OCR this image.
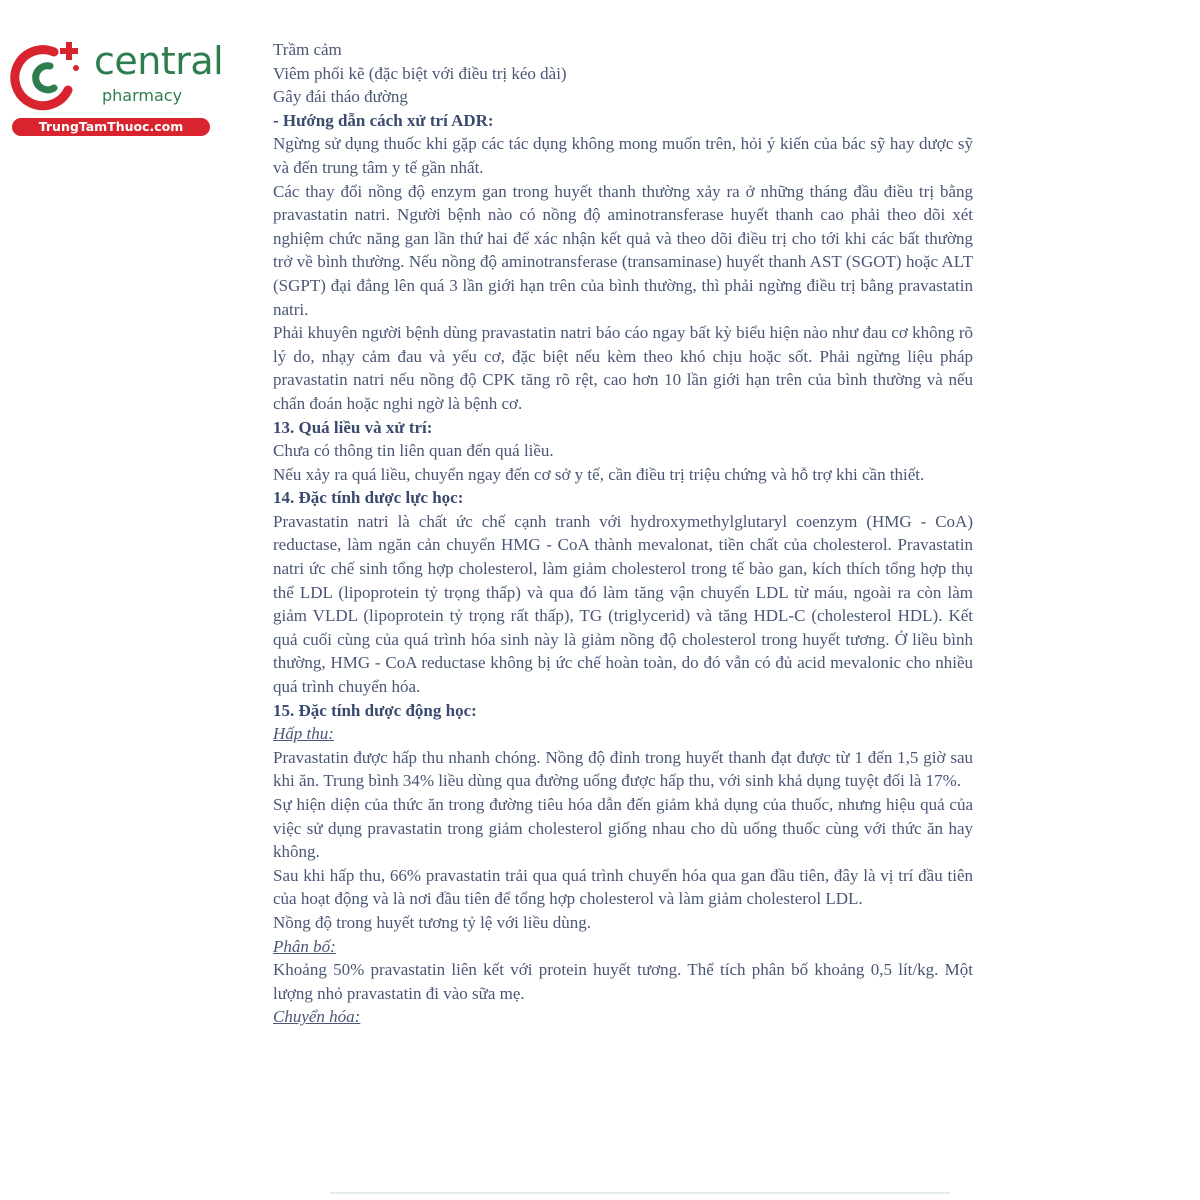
central
pharmacy
TrungTamThuoc.com

Trầm cảm

Viêm phổi kẽ (đặc biệt với điều trị kéo dài)

Gây đái tháo đường

- Hướng dẫn cách xử trí ADR:

Ngừng sử dụng thuốc khi gặp các tác dụng không mong muốn trên, hỏi ý kiến của bác sỹ hay dược sỹ và đến trung tâm y tế gần nhất.

Các thay đổi nồng độ enzym gan trong huyết thanh thường xảy ra ở những tháng đầu điều trị bằng pravastatin natri. Người bệnh nào có nồng độ aminotransferase huyết thanh cao phải theo dõi xét nghiệm chức năng gan lần thứ hai để xác nhận kết quả và theo dõi điều trị cho tới khi các bất thường trở về bình thường. Nếu nồng độ aminotransferase (transaminase) huyết thanh AST (SGOT) hoặc ALT (SGPT) đại đẳng lên quá 3 lần giới hạn trên của bình thường, thì phải ngừng điều trị bằng pravastatin natri.

Phải khuyên người bệnh dùng pravastatin natri báo cáo ngay bất kỳ biểu hiện nào như đau cơ không rõ lý do, nhạy cảm đau và yếu cơ, đặc biệt nếu kèm theo khó chịu hoặc sốt. Phải ngừng liệu pháp pravastatin natri nếu nồng độ CPK tăng rõ rệt, cao hơn 10 lần giới hạn trên của bình thường và nếu chẩn đoán hoặc nghi ngờ là bệnh cơ.

13. Quá liều và xử trí:

Chưa có thông tin liên quan đến quá liều.

Nếu xảy ra quá liều, chuyển ngay đến cơ sở y tế, cần điều trị triệu chứng và hỗ trợ khi cần thiết.

14. Đặc tính dược lực học:

Pravastatin natri là chất ức chế cạnh tranh với hydroxymethylglutaryl coenzym (HMG - CoA) reductase, làm ngăn cản chuyển HMG - CoA thành mevalonat, tiền chất của cholesterol. Pravastatin natri ức chế sinh tổng hợp cholesterol, làm giảm cholesterol trong tế bào gan, kích thích tổng hợp thụ thể LDL (lipoprotein tỷ trọng thấp) và qua đó làm tăng vận chuyển LDL từ máu, ngoài ra còn làm giảm VLDL (lipoprotein tỷ trọng rất thấp), TG (triglycerid) và tăng HDL-C (cholesterol HDL). Kết quả cuối cùng của quá trình hóa sinh này là giảm nồng độ cholesterol trong huyết tương. Ở liều bình thường, HMG - CoA reductase không bị ức chế hoàn toàn, do đó vẫn có đủ acid mevalonic cho nhiều quá trình chuyển hóa.

15. Đặc tính dược động học:

Hấp thu:

Pravastatin được hấp thu nhanh chóng. Nồng độ đỉnh trong huyết thanh đạt được từ 1 đến 1,5 giờ sau khi ăn. Trung bình 34% liều dùng qua đường uống được hấp thu, với sinh khả dụng tuyệt đối là 17%.

Sự hiện diện của thức ăn trong đường tiêu hóa dẫn đến giảm khả dụng của thuốc, nhưng hiệu quả của việc sử dụng pravastatin trong giảm cholesterol giống nhau cho dù uống thuốc cùng với thức ăn hay không.

Sau khi hấp thu, 66% pravastatin trải qua quá trình chuyển hóa qua gan đầu tiên, đây là vị trí đầu tiên của hoạt động và là nơi đầu tiên để tổng hợp cholesterol và làm giảm cholesterol LDL.

Nồng độ trong huyết tương tỷ lệ với liều dùng.

Phân bố:

Khoảng 50% pravastatin liên kết với protein huyết tương. Thể tích phân bố khoảng 0,5 lít/kg. Một lượng nhỏ pravastatin đi vào sữa mẹ.

Chuyển hóa:
